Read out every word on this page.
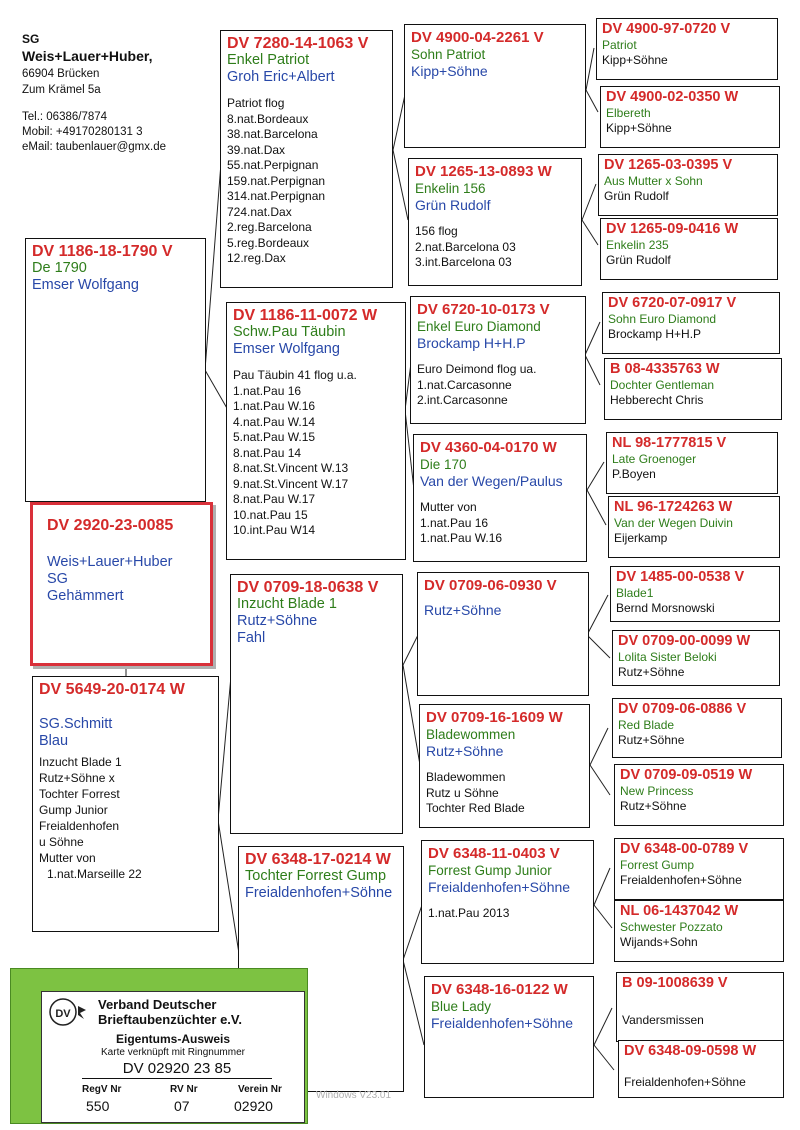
SG
Weis+Lauer+Huber,
66904 Brücken
Zum Krämel 5a
Tel.: 06386/7874
Mobil: +49170280131 3
eMail: taubenlauer@gmx.de
DV 1186-18-1790 V
De 1790
Emser Wolfgang
DV 2920-23-0085
Weis+Lauer+Huber
SG
Gehämmert
DV 5649-20-0174 W
SG.Schmitt
Blau
Inzucht Blade 1
Rutz+Söhne x
Tochter Forrest
Gump Junior
Freialdenhofen
u Söhne
Mutter von
1.nat.Marseille 22
DV 7280-14-1063 V
Enkel Patriot
Groh Eric+Albert
Patriot flog
8.nat.Bordeaux
38.nat.Barcelona
39.nat.Dax
55.nat.Perpignan
159.nat.Perpignan
314.nat.Perpignan
724.nat.Dax
2.reg.Barcelona
5.reg.Bordeaux
12.reg.Dax
DV 1186-11-0072 W
Schw.Pau Täubin
Emser Wolfgang
Pau Täubin 41 flog u.a.
1.nat.Pau 16
1.nat.Pau W.16
4.nat.Pau W.14
5.nat.Pau W.15
8.nat.Pau 14
8.nat.St.Vincent W.13
9.nat.St.Vincent W.17
8.nat.Pau W.17
10.nat.Pau 15
10.int.Pau W14
DV 0709-18-0638 V
Inzucht Blade 1
Rutz+Söhne
Fahl
DV 6348-17-0214 W
Tochter Forrest Gump
Freialdenhofen+Söhne
DV 4900-04-2261 V
Sohn Patriot
Kipp+Söhne
DV 1265-13-0893 W
Enkelin 156
Grün Rudolf
156 flog
2.nat.Barcelona 03
3.int.Barcelona 03
DV 6720-10-0173 V
Enkel Euro Diamond
Brockamp H+H.P
Euro Deimond flog ua.
1.nat.Carcasonne
2.int.Carcasonne
DV 4360-04-0170 W
Die 170
Van der Wegen/Paulus
Mutter von
1.nat.Pau 16
1.nat.Pau W.16
DV 0709-06-0930 V
Rutz+Söhne
DV 0709-16-1609 W
Bladewommen
Rutz+Söhne
Bladewommen
Rutz u Söhne
Tochter Red Blade
DV 6348-11-0403 V
Forrest Gump Junior
Freialdenhofen+Söhne
1.nat.Pau 2013
DV 6348-16-0122 W
Blue Lady
Freialdenhofen+Söhne
DV 4900-97-0720 V
Patriot
Kipp+Söhne
DV 4900-02-0350 W
Elbereth
Kipp+Söhne
DV 1265-03-0395 V
Aus Mutter x Sohn
Grün Rudolf
DV 1265-09-0416 W
Enkelin 235
Grün Rudolf
DV 6720-07-0917 V
Sohn Euro Diamond
Brockamp H+H.P
B 08-4335763 W
Dochter Gentleman
Hebberecht Chris
NL 98-1777815 V
Late Groenoger
P.Boyen
NL 96-1724263 W
Van der Wegen Duivin
Eijerkamp
DV 1485-00-0538 V
Blade1
Bernd Morsnowski
DV 0709-00-0099 W
Lolita Sister Beloki
Rutz+Söhne
DV 0709-06-0886 V
Red Blade
Rutz+Söhne
DV 0709-09-0519 W
New Princess
Rutz+Söhne
DV 6348-00-0789 V
Forrest Gump
Freialdenhofen+Söhne
NL 06-1437042 W
Schwester Pozzato
Wijands+Sohn
B 09-1008639 V
Vandersmissen
DV 6348-09-0598 W
Freialdenhofen+Söhne
DV
Verband Deutscher
Brieftaubenzüchter e.V.
Eigentums-Ausweis
Karte verknüpft mit Ringnummer
DV 02920 23 85
RegV Nr	RV Nr	Verein Nr
550	07	02920
Windows V23.01
